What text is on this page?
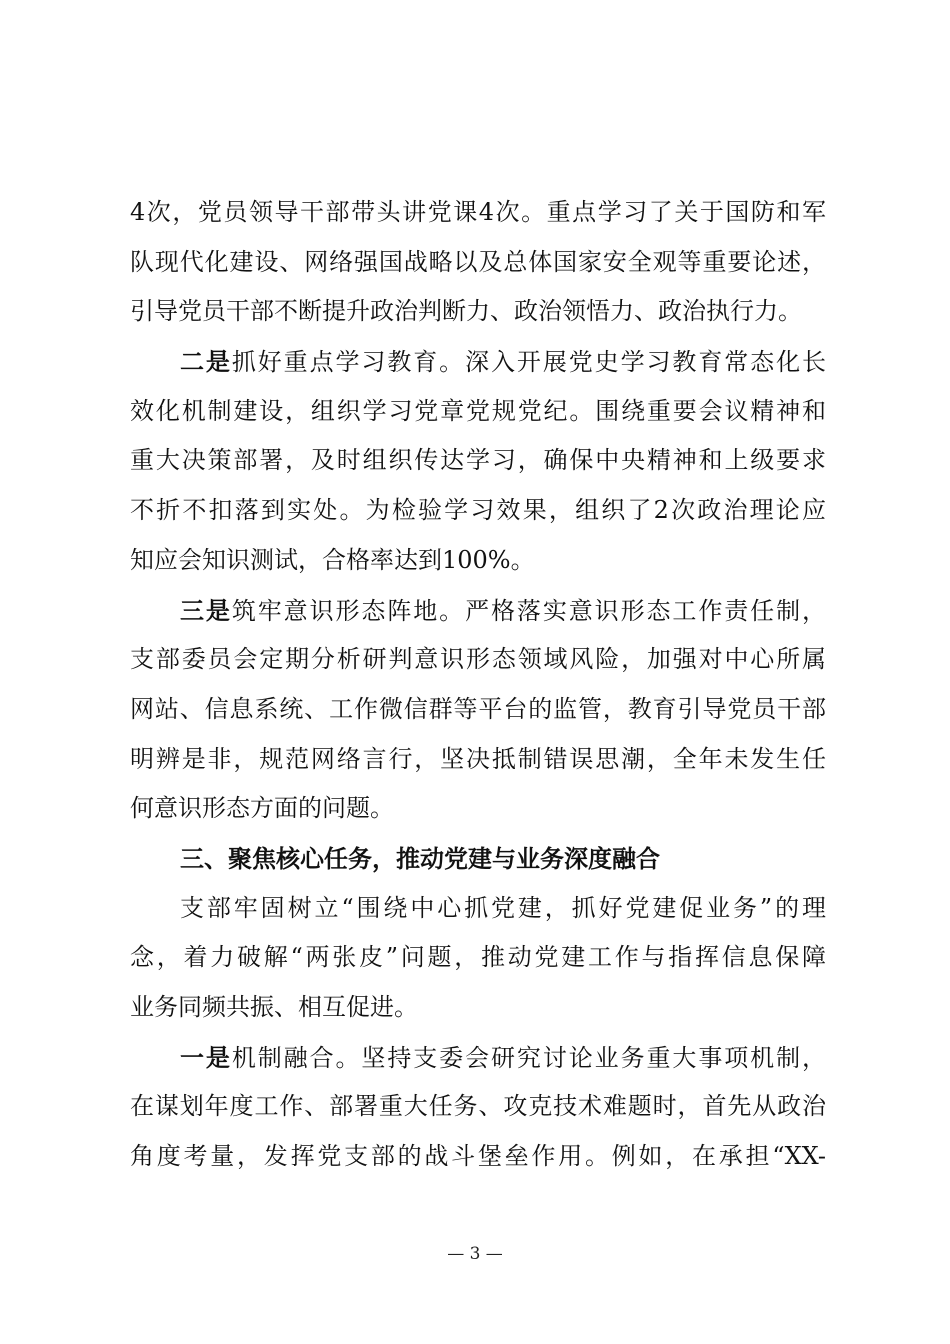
4次，党员领导干部带头讲党课4次。重点学习了关于国防和军
队现代化建设、网络强国战略以及总体国家安全观等重要论述，
引导党员干部不断提升政治判断力、政治领悟力、政治执行力。
二是抓好重点学习教育。深入开展党史学习教育常态化长
效化机制建设，组织学习党章党规党纪。围绕重要会议精神和
重大决策部署，及时组织传达学习，确保中央精神和上级要求
不折不扣落到实处。为检验学习效果，组织了2次政治理论应
知应会知识测试，合格率达到100%。
三是筑牢意识形态阵地。严格落实意识形态工作责任制，
支部委员会定期分析研判意识形态领域风险，加强对中心所属
网站、信息系统、工作微信群等平台的监管，教育引导党员干部
明辨是非，规范网络言行，坚决抵制错误思潮，全年未发生任
何意识形态方面的问题。
三、聚焦核心任务，推动党建与业务深度融合
支部牢固树立“围绕中心抓党建，抓好党建促业务”的理
念，着力破解“两张皮”问题，推动党建工作与指挥信息保障
业务同频共振、相互促进。
一是机制融合。坚持支委会研究讨论业务重大事项机制，
在谋划年度工作、部署重大任务、攻克技术难题时，首先从政治
角度考量，发挥党支部的战斗堡垒作用。例如，在承担“XX-
— 3 —
